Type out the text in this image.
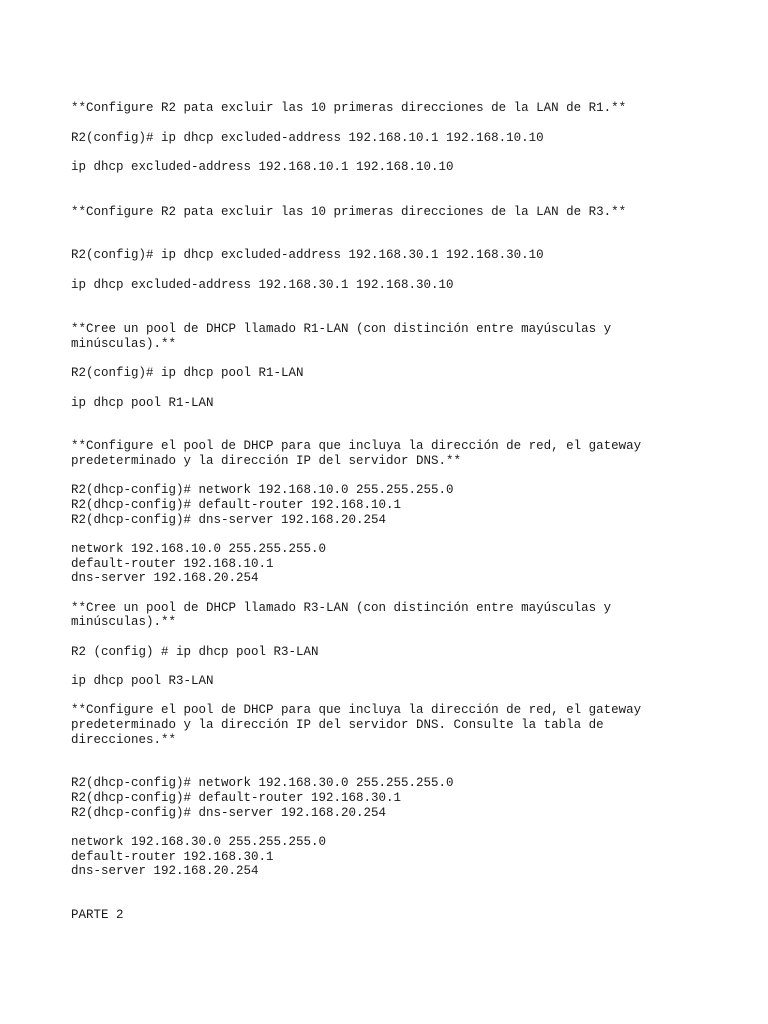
**Configure R2 pata excluir las 10 primeras direcciones de la LAN de R1.**

R2(config)# ip dhcp excluded-address 192.168.10.1 192.168.10.10

ip dhcp excluded-address 192.168.10.1 192.168.10.10

**Configure R2 pata excluir las 10 primeras direcciones de la LAN de R3.**

R2(config)# ip dhcp excluded-address 192.168.30.1 192.168.30.10

ip dhcp excluded-address 192.168.30.1 192.168.30.10

**Cree un pool de DHCP llamado R1-LAN (con distinción entre mayúsculas y

minúsculas).**

R2(config)# ip dhcp pool R1-LAN

ip dhcp pool R1-LAN

**Configure el pool de DHCP para que incluya la dirección de red, el gateway

predeterminado y la dirección IP del servidor DNS.**

R2(dhcp-config)# network 192.168.10.0 255.255.255.0

R2(dhcp-config)# default-router 192.168.10.1

R2(dhcp-config)# dns-server 192.168.20.254

network 192.168.10.0 255.255.255.0

default-router 192.168.10.1

dns-server 192.168.20.254

**Cree un pool de DHCP llamado R3-LAN (con distinción entre mayúsculas y

minúsculas).**

R2 (config) # ip dhcp pool R3-LAN

ip dhcp pool R3-LAN

**Configure el pool de DHCP para que incluya la dirección de red, el gateway

predeterminado y la dirección IP del servidor DNS. Consulte la tabla de

direcciones.**

R2(dhcp-config)# network 192.168.30.0 255.255.255.0

R2(dhcp-config)# default-router 192.168.30.1

R2(dhcp-config)# dns-server 192.168.20.254

network 192.168.30.0 255.255.255.0

default-router 192.168.30.1

dns-server 192.168.20.254

PARTE 2
